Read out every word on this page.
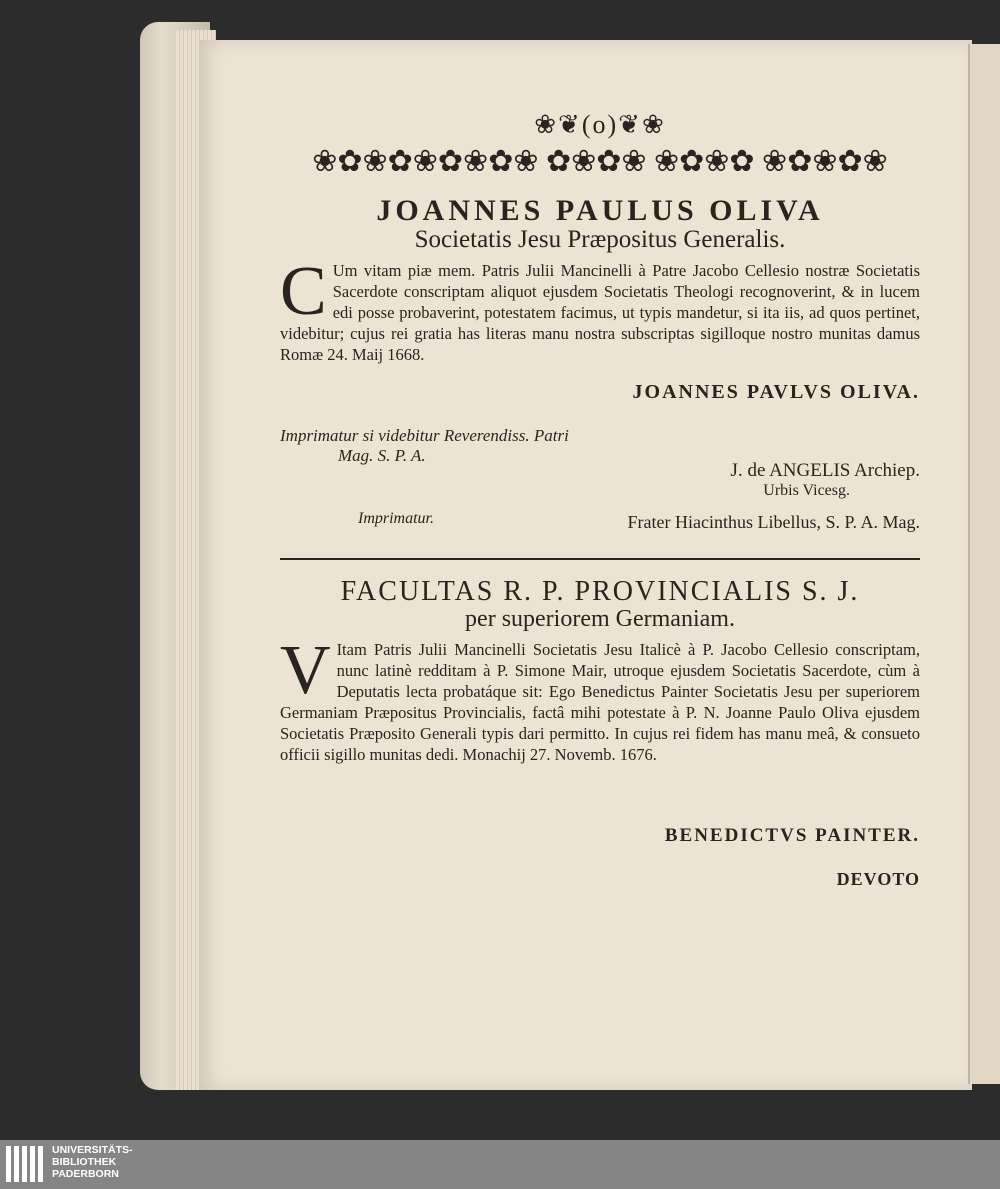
❀❦(o)❦❀
❀✿❀✿❀✿❀✿❀ ✿❀✿❀ ❀✿❀✿ ❀✿❀✿❀
JOANNES PAULUS OLIVA
Societatis Jesu Præpositus Generalis.
C Um vitam piæ mem. Patris Julii Mancinelli à Patre Jacobo Cellesio nostræ Societatis Sacerdote conscriptam aliquot ejusdem Societatis Theologi recognoverint, & in lucem edi posse probaverint, potestatem facimus, ut typis mandetur, si ita iis, ad quos pertinet, videbitur; cujus rei gratia has literas manu nostra subscriptas sigilloque nostro munitas damus Romæ 24. Maij 1668.
JOANNES PAVLVS OLIVA.
Imprimatur si videbitur Reverendiss. Patri
Mag. S. P. A.
J. de ANGELIS Archiep.
Urbis Vicesg.
Imprimatur.	Frater Hiacinthus Libellus, S. P. A. Mag.
FACULTAS R. P. PROVINCIALIS S. J.
per superiorem Germaniam.
V Itam Patris Julii Mancinelli Societatis Jesu Italicè à P. Jacobo Cellesio conscriptam, nunc latinè redditam à P. Simone Mair, utroque ejusdem Societatis Sacerdote, cùm à Deputatis lecta probatáque sit: Ego Benedictus Painter Societatis Jesu per superiorem Germaniam Præpositus Provincialis, factâ mihi potestate à P. N. Joanne Paulo Oliva ejusdem Societatis Præposito Generali typis dari permitto. In cujus rei fidem has manu meâ, & consueto officii sigillo munitas dedi. Monachij 27. Novemb. 1676.
BENEDICTVS PAINTER.
DEVOTO
UNIVERSITÄTS-
BIBLIOTHEK
PADERBORN
